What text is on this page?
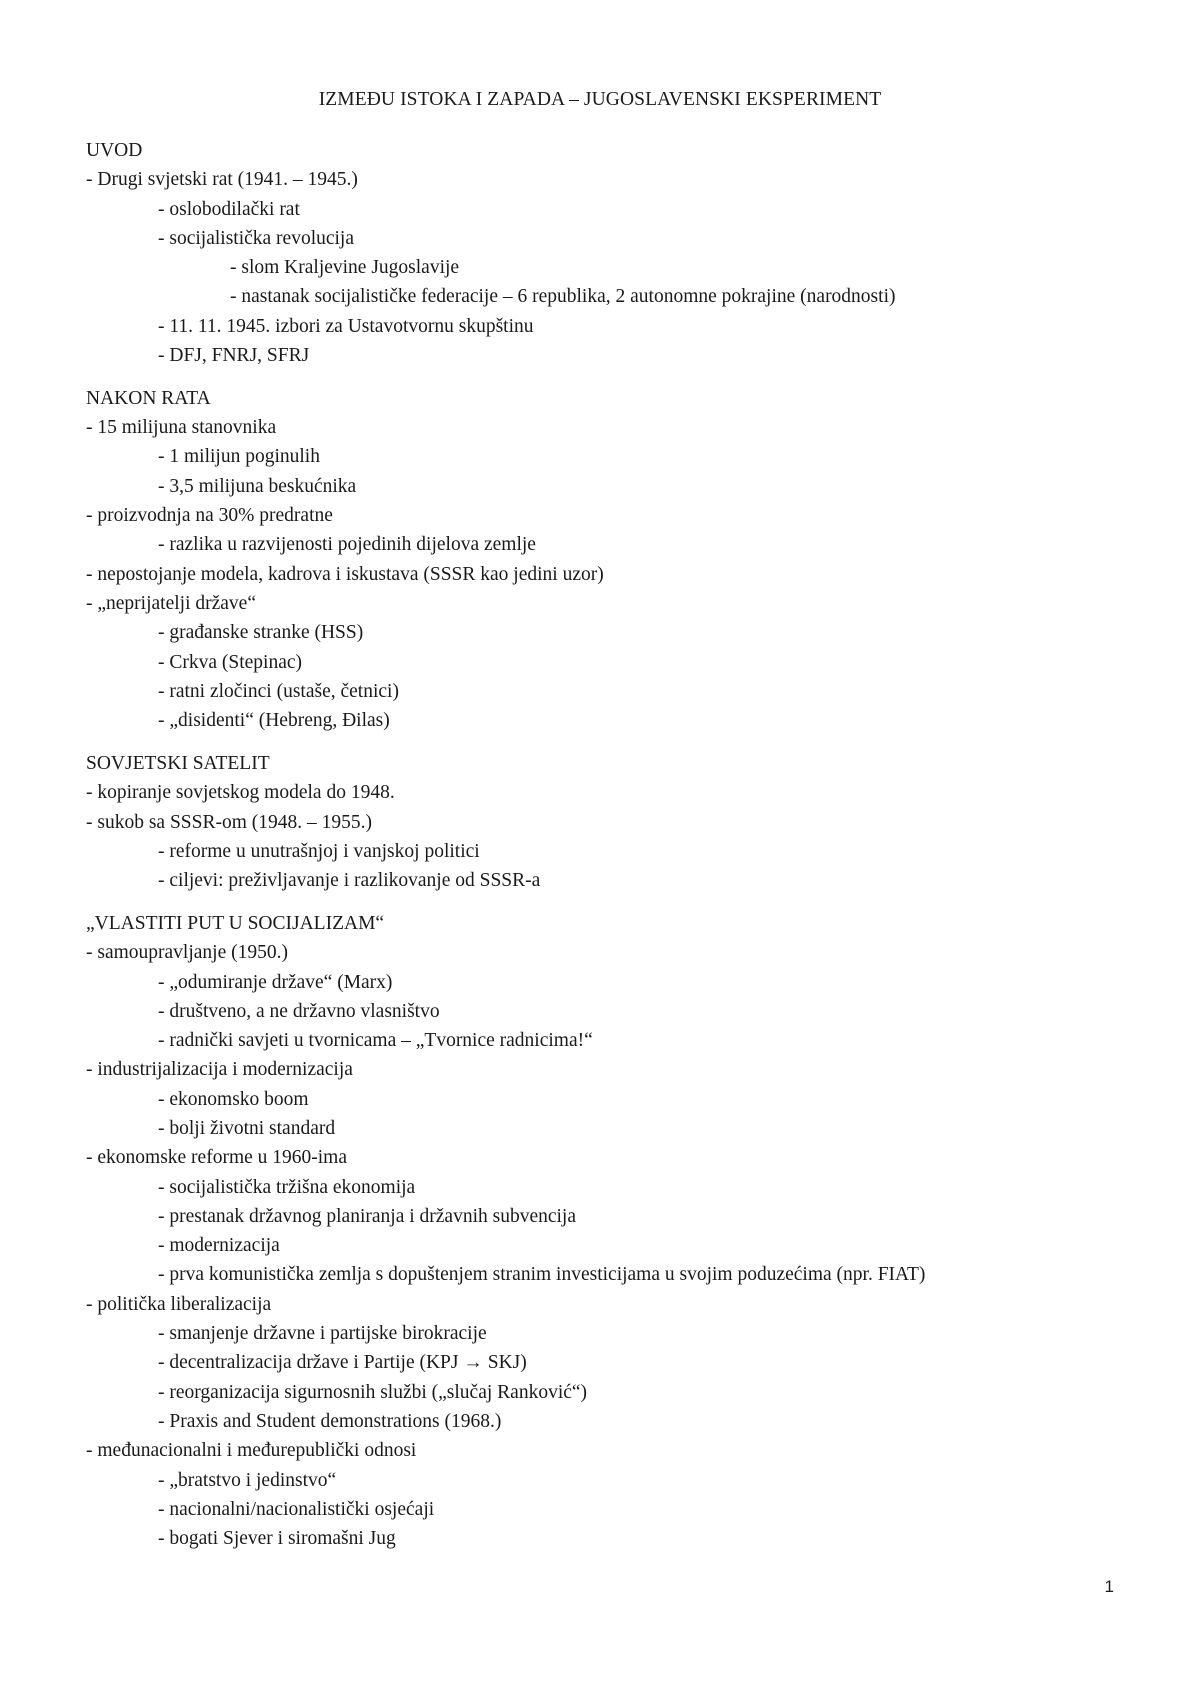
IZMEĐU ISTOKA I ZAPADA – JUGOSLAVENSKI EKSPERIMENT
UVOD
- Drugi svjetski rat (1941. – 1945.)
- oslobodilački rat
- socijalistička revolucija
- slom Kraljevine Jugoslavije
- nastanak socijalističke federacije – 6 republika, 2 autonomne pokrajine (narodnosti)
- 11. 11. 1945. izbori za Ustavotvornu skupštinu
- DFJ, FNRJ, SFRJ
NAKON RATA
- 15 milijuna stanovnika
- 1 milijun poginulih
- 3,5 milijuna beskućnika
- proizvodnja na 30% predratne
- razlika u razvijenosti pojedinih dijelova zemlje
- nepostojanje modela, kadrova i iskustava (SSSR kao jedini uzor)
- „neprijatelji države“
- građanske stranke (HSS)
- Crkva (Stepinac)
- ratni zločinci (ustaše, četnici)
- „disidenti“ (Hebreng, Đilas)
SOVJETSKI SATELIT
- kopiranje sovjetskog modela do 1948.
- sukob sa SSSR-om (1948. – 1955.)
- reforme u unutrašnjoj i vanjskoj politici
- ciljevi: preživljavanje i razlikovanje od SSSR-a
„VLASTITI PUT U SOCIJALIZAM“
- samoupravljanje (1950.)
- „odumiranje države“ (Marx)
- društveno, a ne državno vlasništvo
- radnički savjeti u tvornicama – „Tvornice radnicima!“
- industrijalizacija i modernizacija
- ekonomsko boom
- bolji životni standard
- ekonomske reforme u 1960-ima
- socijalistička tržišna ekonomija
- prestanak državnog planiranja i državnih subvencija
- modernizacija
- prva komunistička zemlja s dopuštenjem stranim investicijama u svojim poduzećima (npr. FIAT)
- politička liberalizacija
- smanjenje državne i partijske birokracije
- decentralizacija države i Partije (KPJ → SKJ)
- reorganizacija sigurnosnih službi („slučaj Ranković“)
- Praxis and Student demonstrations (1968.)
- međunacionalni i međurepublički odnosi
- „bratstvo i jedinstvo“
- nacionalni/nacionalistički osjećaji
- bogati Sjever i siromašni Jug
1
